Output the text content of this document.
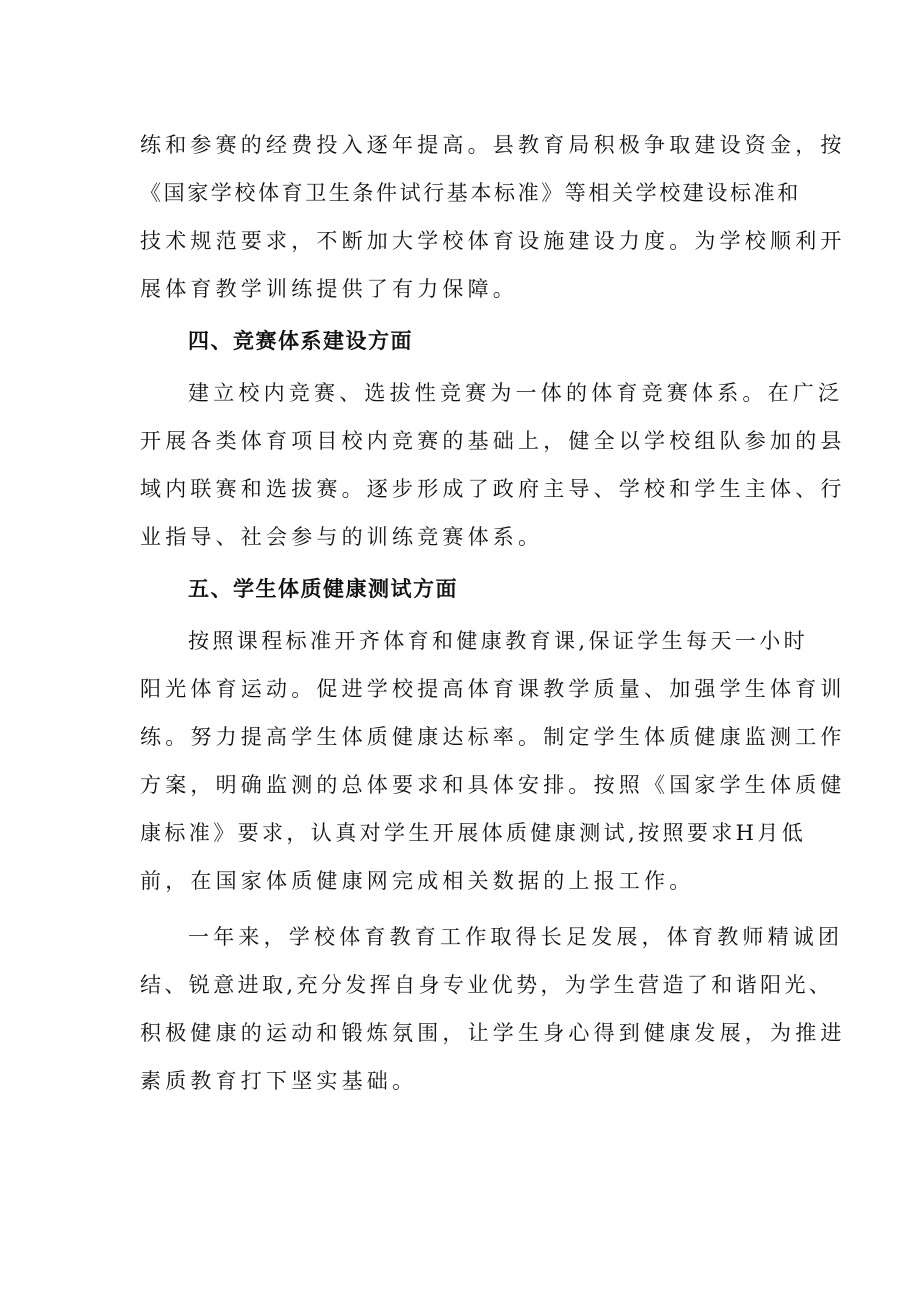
练和参赛的经费投入逐年提高。县教育局积极争取建设资金，按
《国家学校体育卫生条件试行基本标准》等相关学校建设标准和
技术规范要求，不断加大学校体育设施建设力度。为学校顺利开
展体育教学训练提供了有力保障。
四、竞赛体系建设方面
建立校内竞赛、选拔性竞赛为一体的体育竞赛体系。在广泛
开展各类体育项目校内竞赛的基础上，健全以学校组队参加的县
域内联赛和选拔赛。逐步形成了政府主导、学校和学生主体、行
业指导、社会参与的训练竞赛体系。
五、学生体质健康测试方面
按照课程标准开齐体育和健康教育课,保证学生每天一小时
阳光体育运动。促进学校提高体育课教学质量、加强学生体育训
练。努力提高学生体质健康达标率。制定学生体质健康监测工作
方案，明确监测的总体要求和具体安排。按照《国家学生体质健
康标准》要求，认真对学生开展体质健康测试,按照要求H月低
前，在国家体质健康网完成相关数据的上报工作。
一年来，学校体育教育工作取得长足发展，体育教师精诚团
结、锐意进取,充分发挥自身专业优势，为学生营造了和谐阳光、
积极健康的运动和锻炼氛围，让学生身心得到健康发展，为推进
素质教育打下坚实基础。
